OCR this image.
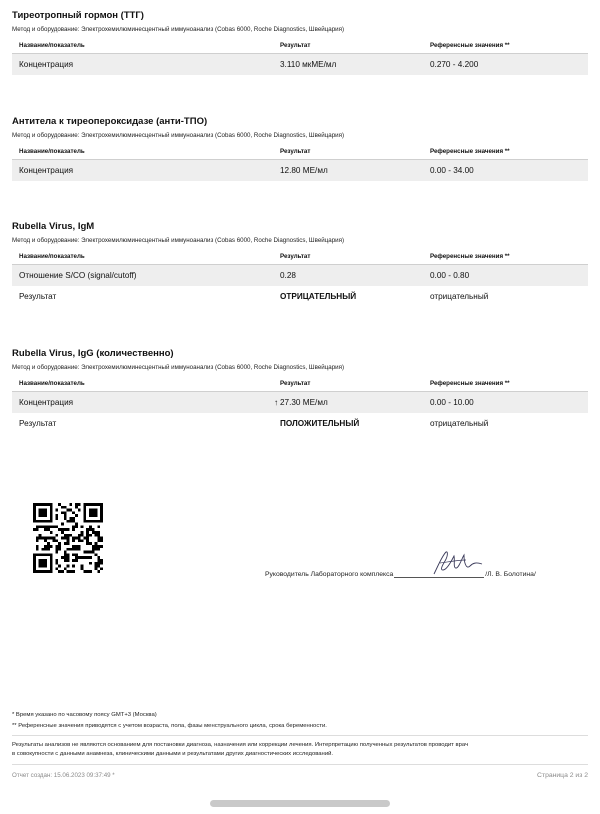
Тиреотропный гормон (ТТГ)
Метод и оборудование: Электрохемилюминесцентный иммуноанализ (Cobas 6000, Roche Diagnostics, Швейцария)
Название/показатель	Результат	Референсные значения **
Концентрация	3.110 мкМЕ/мл	0.270 - 4.200
Антитела к тиреопероксидазе (анти-ТПО)
Метод и оборудование: Электрохемилюминесцентный иммуноанализ (Cobas 6000, Roche Diagnostics, Швейцария)
Название/показатель	Результат	Референсные значения **
Концентрация	12.80 МЕ/мл	0.00 - 34.00
Rubella Virus, IgM
Метод и оборудование: Электрохемилюминесцентный иммуноанализ (Cobas 6000, Roche Diagnostics, Швейцария)
Название/показатель	Результат	Референсные значения **
Отношение S/CO (signal/cutoff)	0.28	0.00 - 0.80
Результат	ОТРИЦАТЕЛЬНЫЙ	отрицательный
Rubella Virus, IgG (количественно)
Метод и оборудование: Электрохемилюминесцентный иммуноанализ (Cobas 6000, Roche Diagnostics, Швейцария)
Название/показатель	Результат	Референсные значения **
Концентрация	↑ 27.30 МЕ/мл	0.00 - 10.00
Результат	ПОЛОЖИТЕЛЬНЫЙ	отрицательный
Руководитель Лабораторного комплекса	/Л. В. Болотина/
* Время указано по часовому поясу GMT+3 (Москва)
** Референсные значения приводятся с учетом возраста, пола, фазы менструального цикла, срока беременности.
Результаты анализов не являются основанием для постановки диагноза, назначения или коррекции лечения. Интерпретацию полученных результатов проводит врач
в совокупности с данными анамнеза, клиническими данными и результатами других диагностических исследований.
Отчет создан: 15.06.2023 09:37:49 *	Страница 2 из 2
